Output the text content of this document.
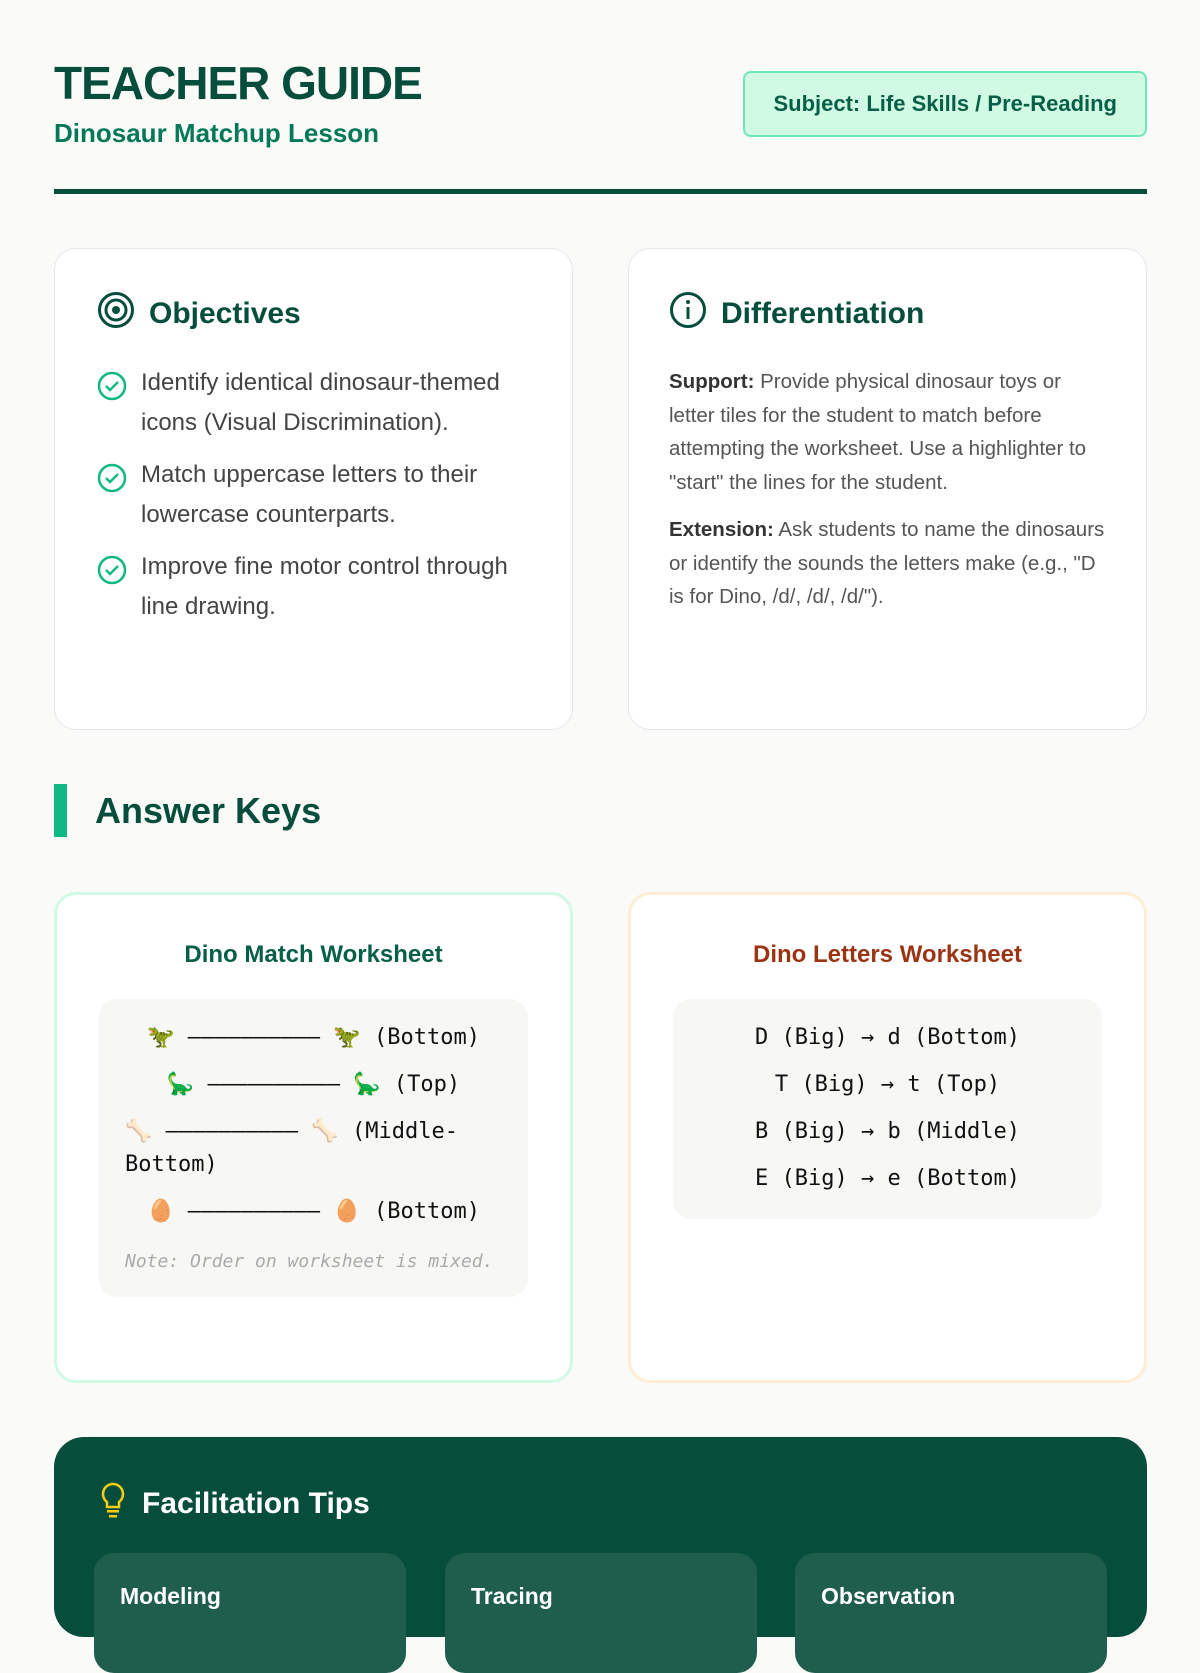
TEACHER GUIDE
Dinosaur Matchup Lesson
Subject: Life Skills / Pre-Reading
Objectives
Identify identical dinosaur-themed icons (Visual Discrimination).
Match uppercase letters to their lowercase counterparts.
Improve fine motor control through line drawing.
Differentiation

Support: Provide physical dinosaur toys or letter tiles for the student to match before attempting the worksheet. Use a highlighter to "start" the lines for the student.

Extension: Ask students to name the dinosaurs or identify the sounds the letters make (e.g., "D is for Dino, /d/, /d/, /d/").

Answer Keys
Dino Match Worksheet
🦖 —————————— 🦖 (Bottom)
🦕 —————————— 🦕 (Top)
🦴 —————————— 🦴 (Middle-Bottom)
🥚 —————————— 🥚 (Bottom)
Note: Order on worksheet is mixed.
Dino Letters Worksheet
D (Big) → d (Bottom)
T (Big) → t (Top)
B (Big) → b (Middle)
E (Big) → e (Bottom)
Facilitation Tips
Modeling	Tracing	Observation
